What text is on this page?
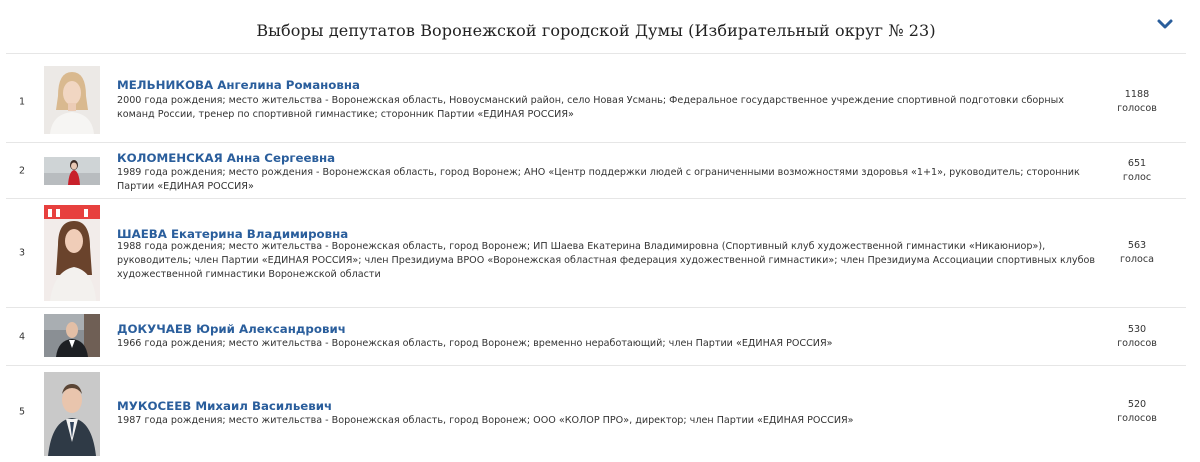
Выборы депутатов Воронежской городской Думы (Избирательный округ № 23)
1
МЕЛЬНИКОВА Ангелина Романовна
2000 года рождения; место жительства - Воронежская область, Новоусманский район, село Новая Усмань; Федеральное государственное учреждение спортивной подготовки сборных команд России, тренер по спортивной гимнастике; сторонник Партии «ЕДИНАЯ РОССИЯ»
1188
голосов
2
КОЛОМЕНСКАЯ Анна Сергеевна
1989 года рождения; место рождения - Воронежская область, город Воронеж; АНО «Центр поддержки людей с ограниченными возможностями здоровья «1+1», руководитель; сторонник Партии «ЕДИНАЯ РОССИЯ»
651
голос
3
ШАЕВА Екатерина Владимировна
1988 года рождения; место жительства - Воронежская область, город Воронеж; ИП Шаева Екатерина Владимировна (Спортивный клуб художественной гимнастики «Никаюниор»), руководитель; член Партии «ЕДИНАЯ РОССИЯ»; член Президиума ВРОО «Воронежская областная федерация художественной гимнастики»; член Президиума Ассоциации спортивных клубов художественной гимнастики Воронежской области
563
голоса
4
ДОКУЧАЕВ Юрий Александрович
1966 года рождения; место жительства - Воронежская область, город Воронеж; временно неработающий; член Партии «ЕДИНАЯ РОССИЯ»
530
голосов
5	МУКОСЕЕВ Михаил Васильевич
1987 года рождения; место жительства - Воронежская область, город Воронеж; ООО «КОЛОР ПРО», директор; член Партии «ЕДИНАЯ РОССИЯ»
520
голосов
